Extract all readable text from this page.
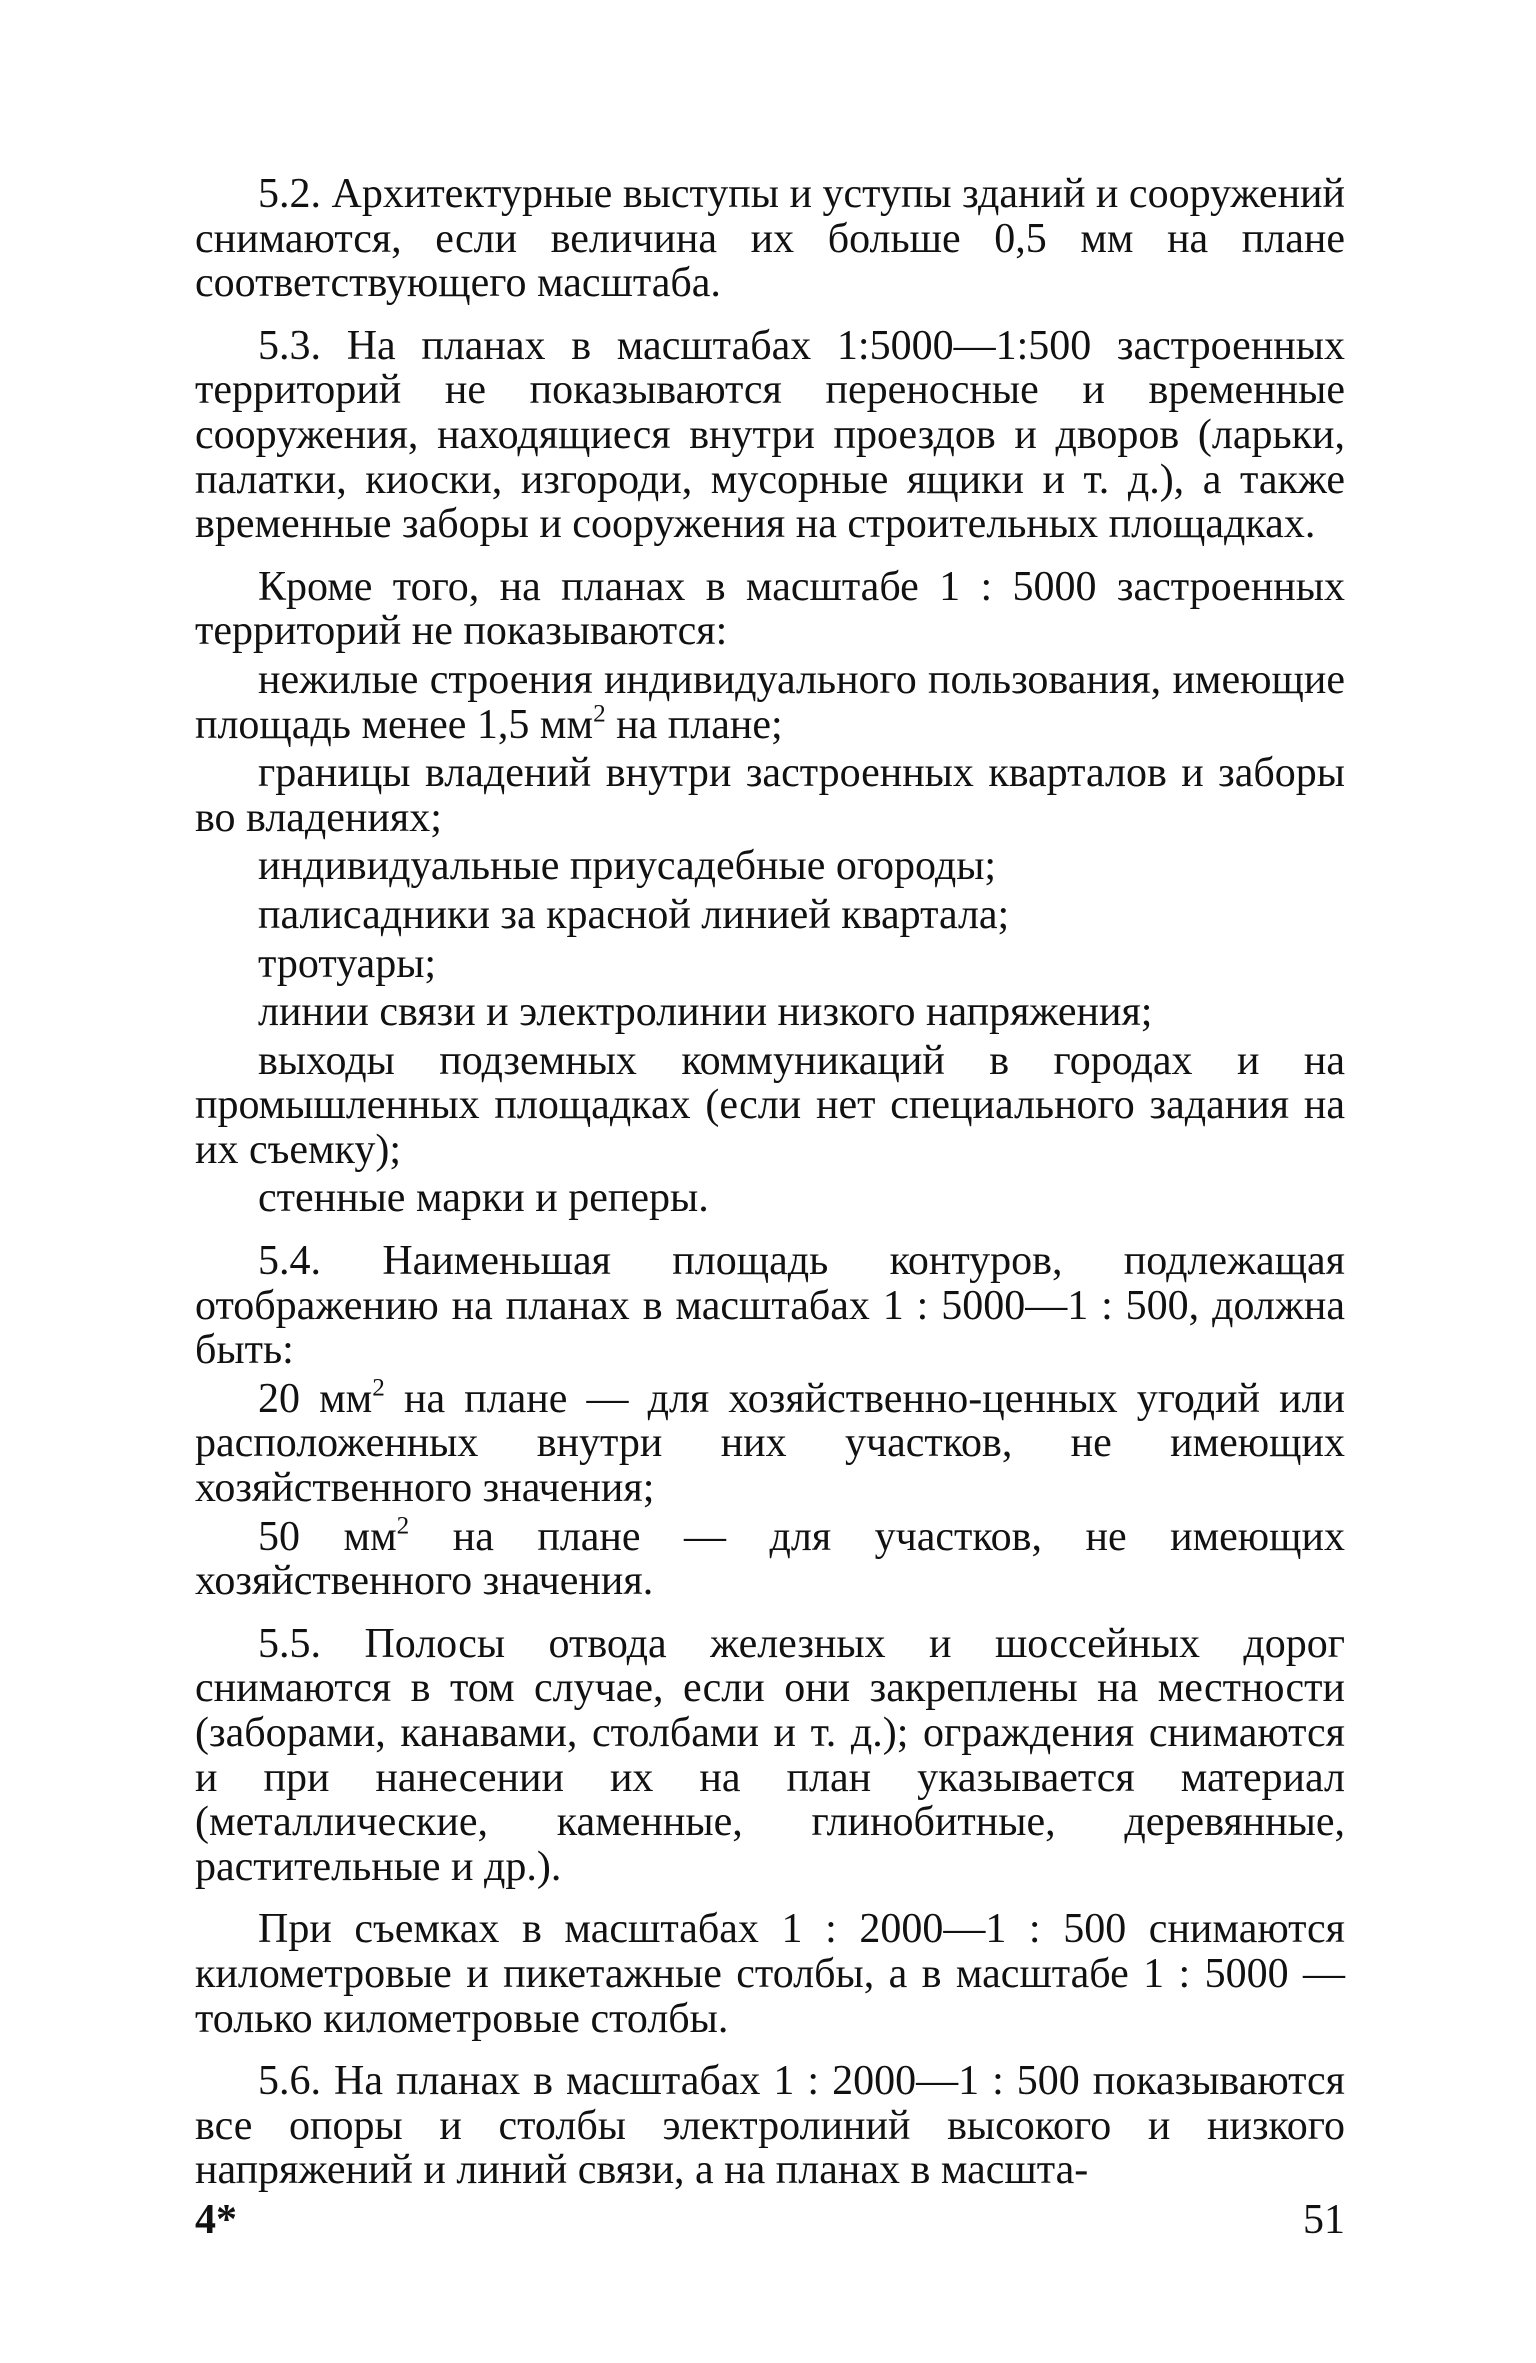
5.2. Архитектурные выступы и уступы зданий и сооружений снимаются, если величина их больше 0,5 мм на плане соответствующего масштаба.

5.3. На планах в масштабах 1:5000—1:500 застроенных территорий не показываются переносные и временные сооружения, находящиеся внутри проездов и дворов (ларьки, палатки, киоски, изгороди, мусорные ящики и т. д.), а также временные заборы и сооружения на строительных площадках.

Кроме того, на планах в масштабе 1 : 5000 застроенных территорий не показываются:

нежилые строения индивидуального пользования, имеющие площадь менее 1,5 $мм^2$ на плане;

границы владений внутри застроенных кварталов и заборы во владениях;

индивидуальные приусадебные огороды;

палисадники за красной линией квартала;

тротуары;

линии связи и электролинии низкого напряжения;

выходы подземных коммуникаций в городах и на промышленных площадках (если нет специального задания на их съемку);

стенные марки и реперы.

5.4. Наименьшая площадь контуров, подлежащая отображению на планах в масштабах 1 : 5000—1 : 500, должна быть:

20 $мм^2$ на плане — для хозяйственно-ценных угодий или расположенных внутри них участков, не имеющих хозяйственного значения;

50 $мм^2$ на плане — для участков, не имеющих хозяйственного значения.

5.5. Полосы отвода железных и шоссейных дорог снимаются в том случае, если они закреплены на местности (заборами, канавами, столбами и т. д.); ограждения снимаются и при нанесении их на план указывается материал (металлические, каменные, глинобитные, деревянные, растительные и др.).

При съемках в масштабах 1 : 2000—1 : 500 снимаются километровые и пикетажные столбы, а в масштабе 1 : 5000 — только километровые столбы.

5.6. На планах в масштабах 1 : 2000—1 : 500 показываются все опоры и столбы электролиний высокого и низкого напряжений и линий связи, а на планах в масшта-

4*	51
